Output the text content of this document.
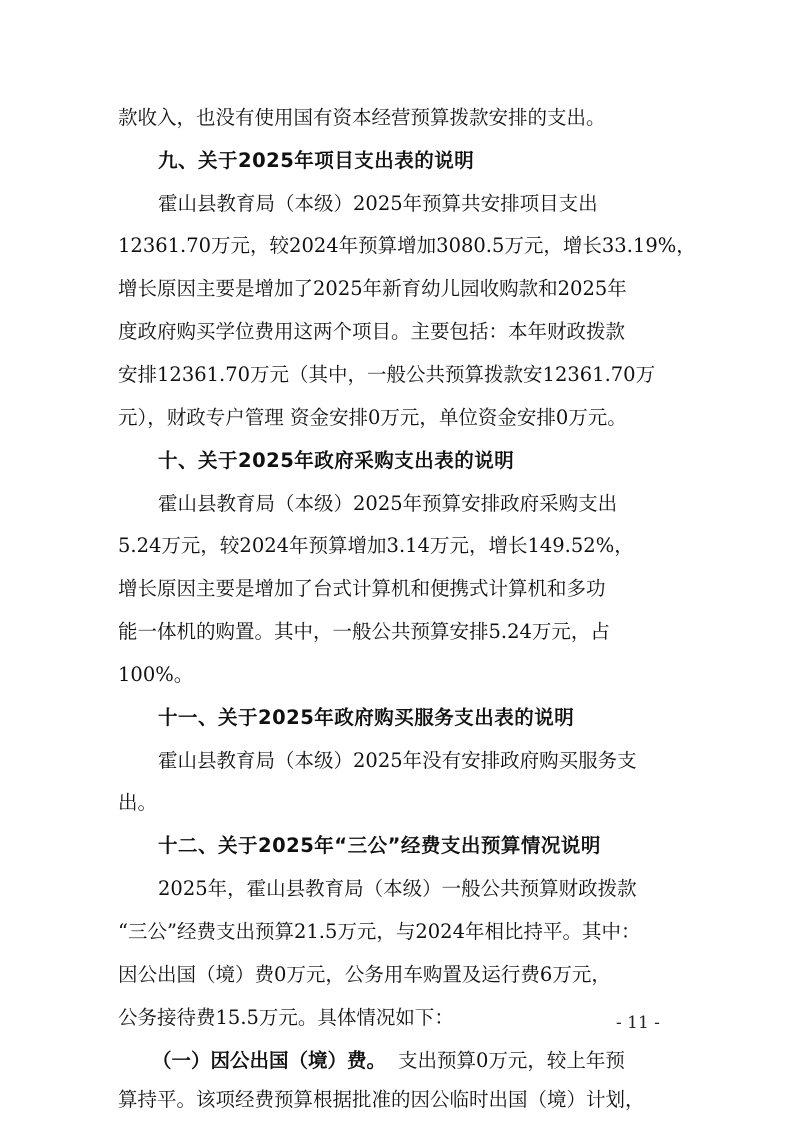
款收入，也没有使用国有资本经营预算拨款安排的支出。
九、关于2025年项目支出表的说明
霍山县教育局（本级）2025年预算共安排项目支出
12361.70万元，较2024年预算增加3080.5万元，增长33.19%，
增长原因主要是增加了2025年新育幼儿园收购款和2025年
度政府购买学位费用这两个项目。主要包括：本年财政拨款
安排12361.70万元（其中，一般公共预算拨款安12361.70万
元），财政专户管理 资金安排0万元，单位资金安排0万元。
十、关于2025年政府采购支出表的说明
霍山县教育局（本级）2025年预算安排政府采购支出
5.24万元，较2024年预算增加3.14万元，增长149.52%，
增长原因主要是增加了台式计算机和便携式计算机和多功
能一体机的购置。其中，一般公共预算安排5.24万元，占
100%。
十一、关于2025年政府购买服务支出表的说明
霍山县教育局（本级）2025年没有安排政府购买服务支
出。
十二、关于2025年“三公”经费支出预算情况说明
2025年，霍山县教育局（本级）一般公共预算财政拨款
“三公”经费支出预算21.5万元，与2024年相比持平。其中：
因公出国（境）费0万元，公务用车购置及运行费6万元，
公务接待费15.5万元。具体情况如下：
（一）因公出国（境）费。 支出预算0万元，较上年预
算持平。该项经费预算根据批准的因公临时出国（境）计划，
- 11 -
